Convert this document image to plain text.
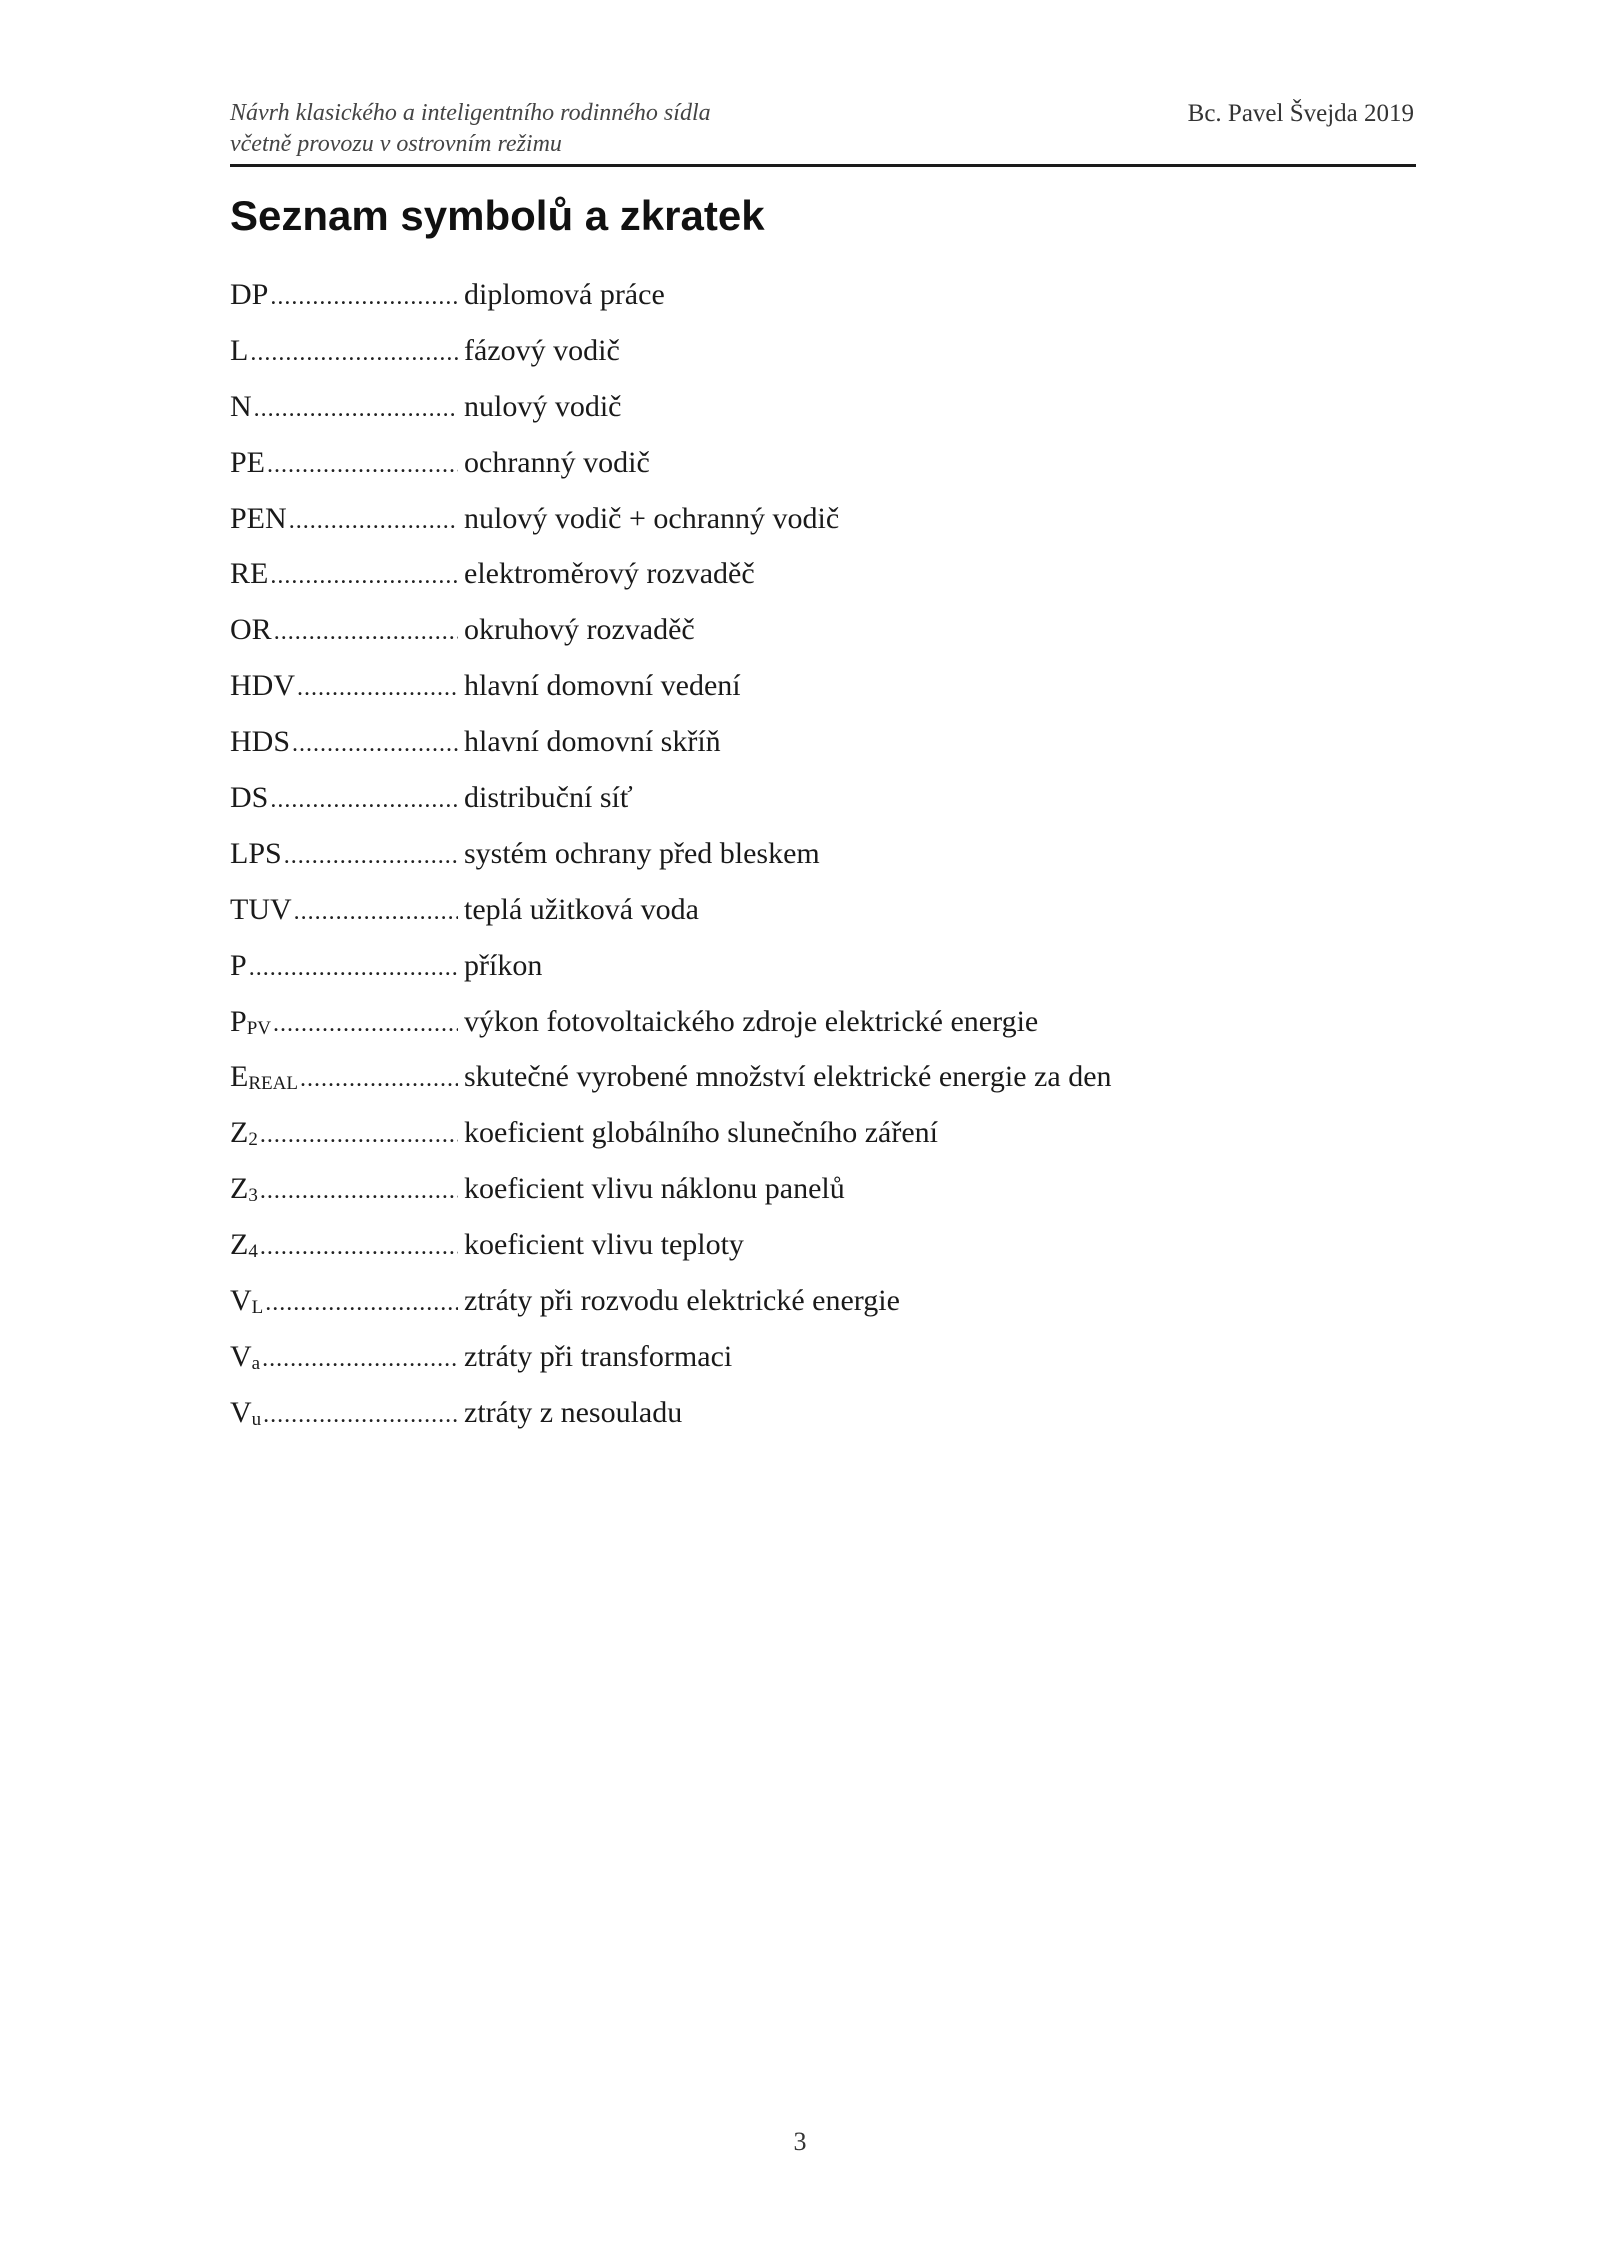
Návrh klasického a inteligentního rodinného sídla
včetně provozu v ostrovním režimu
Bc. Pavel Švejda 2019
Seznam symbolů a zkratek
DP .....	diplomová práce
L .....	fázový vodič
N .....	nulový vodič
PE .....	ochranný vodič
PEN .....	nulový vodič + ochranný vodič
RE .....	elektroměrový rozvaděč
OR .....	okruhový rozvaděč
HDV .....	hlavní domovní vedení
HDS .....	hlavní domovní skříň
DS .....	distribuční síť
LPS .....	systém ochrany před bleskem
TUV .....	teplá užitková voda
P .....	příkon
$P_{PV}$ .....	výkon fotovoltaického zdroje elektrické energie
$E_{REAL}$ .....	skutečné vyrobené množství elektrické energie za den
$Z_2$ .....	koeficient globálního slunečního záření
$Z_3$ .....	koeficient vlivu náklonu panelů
$Z_4$ .....	koeficient vlivu teploty
$V_L$ .....	ztráty při rozvodu elektrické energie
$V_a$ .....	ztráty při transformaci
$V_u$ .....	ztráty z nesouladu
3
